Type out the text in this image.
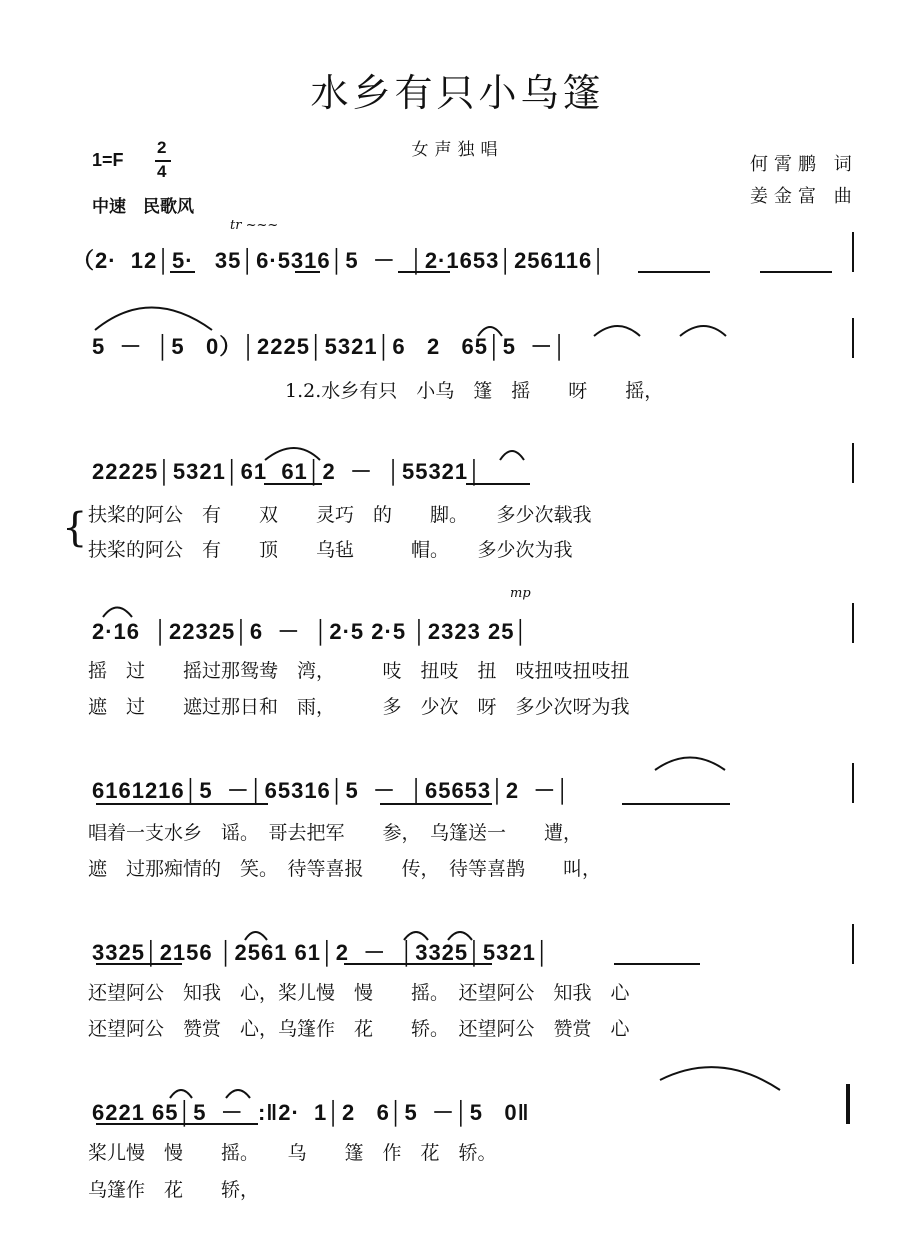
水乡有只小乌篷
女声独唱
1=F
2
4
中速　民歌风
何霄鹏 词
姜金富 曲
tr ~~~
mp
（2·  12│5·   35│6·5316│5  －  │2·1653│256116│
5  －  │5   0）│2225│5321│6   2   65│5  －│
1.2.水乡有只　小乌　篷　摇　　呀　　摇，
22225│5321│61  61│2  －  │55321│
{ 扶桨的阿公　有　　双　　灵巧　的　　脚。　　多少次载我
扶桨的阿公　有　　顶　　乌毡　　　帽。　　多少次为我
2·16  │22325│6  －  │2·5 2·5 │2323 25│
摇　过　　摇过那鸳鸯　湾，　　　吱　扭吱　扭　吱扭吱扭吱扭
遮　过　　遮过那日和　雨，　　　多　少次　呀　多少次呀为我
6161216│5  －│65316│5  －  │65653│2  －│
唱着一支水乡　谣。　哥去把军　　参，　乌篷送一　　遭，
遮　过那痴情的　笑。　待等喜报　　传，　待等喜鹊　　叫，
3325│2156 │2561 61│2  －  │3325│5321│
还望阿公　知我　心，桨儿慢　慢　　摇。　还望阿公　知我　心
还望阿公　赞赏　心，乌篷作　花　　轿。　还望阿公　赞赏　心
6221 65│5  －  :‖2·  1│2   6│5  －│5   0‖
桨儿慢　慢　　摇。　　乌　　篷　作　花　轿。
乌篷作　花　　轿，
